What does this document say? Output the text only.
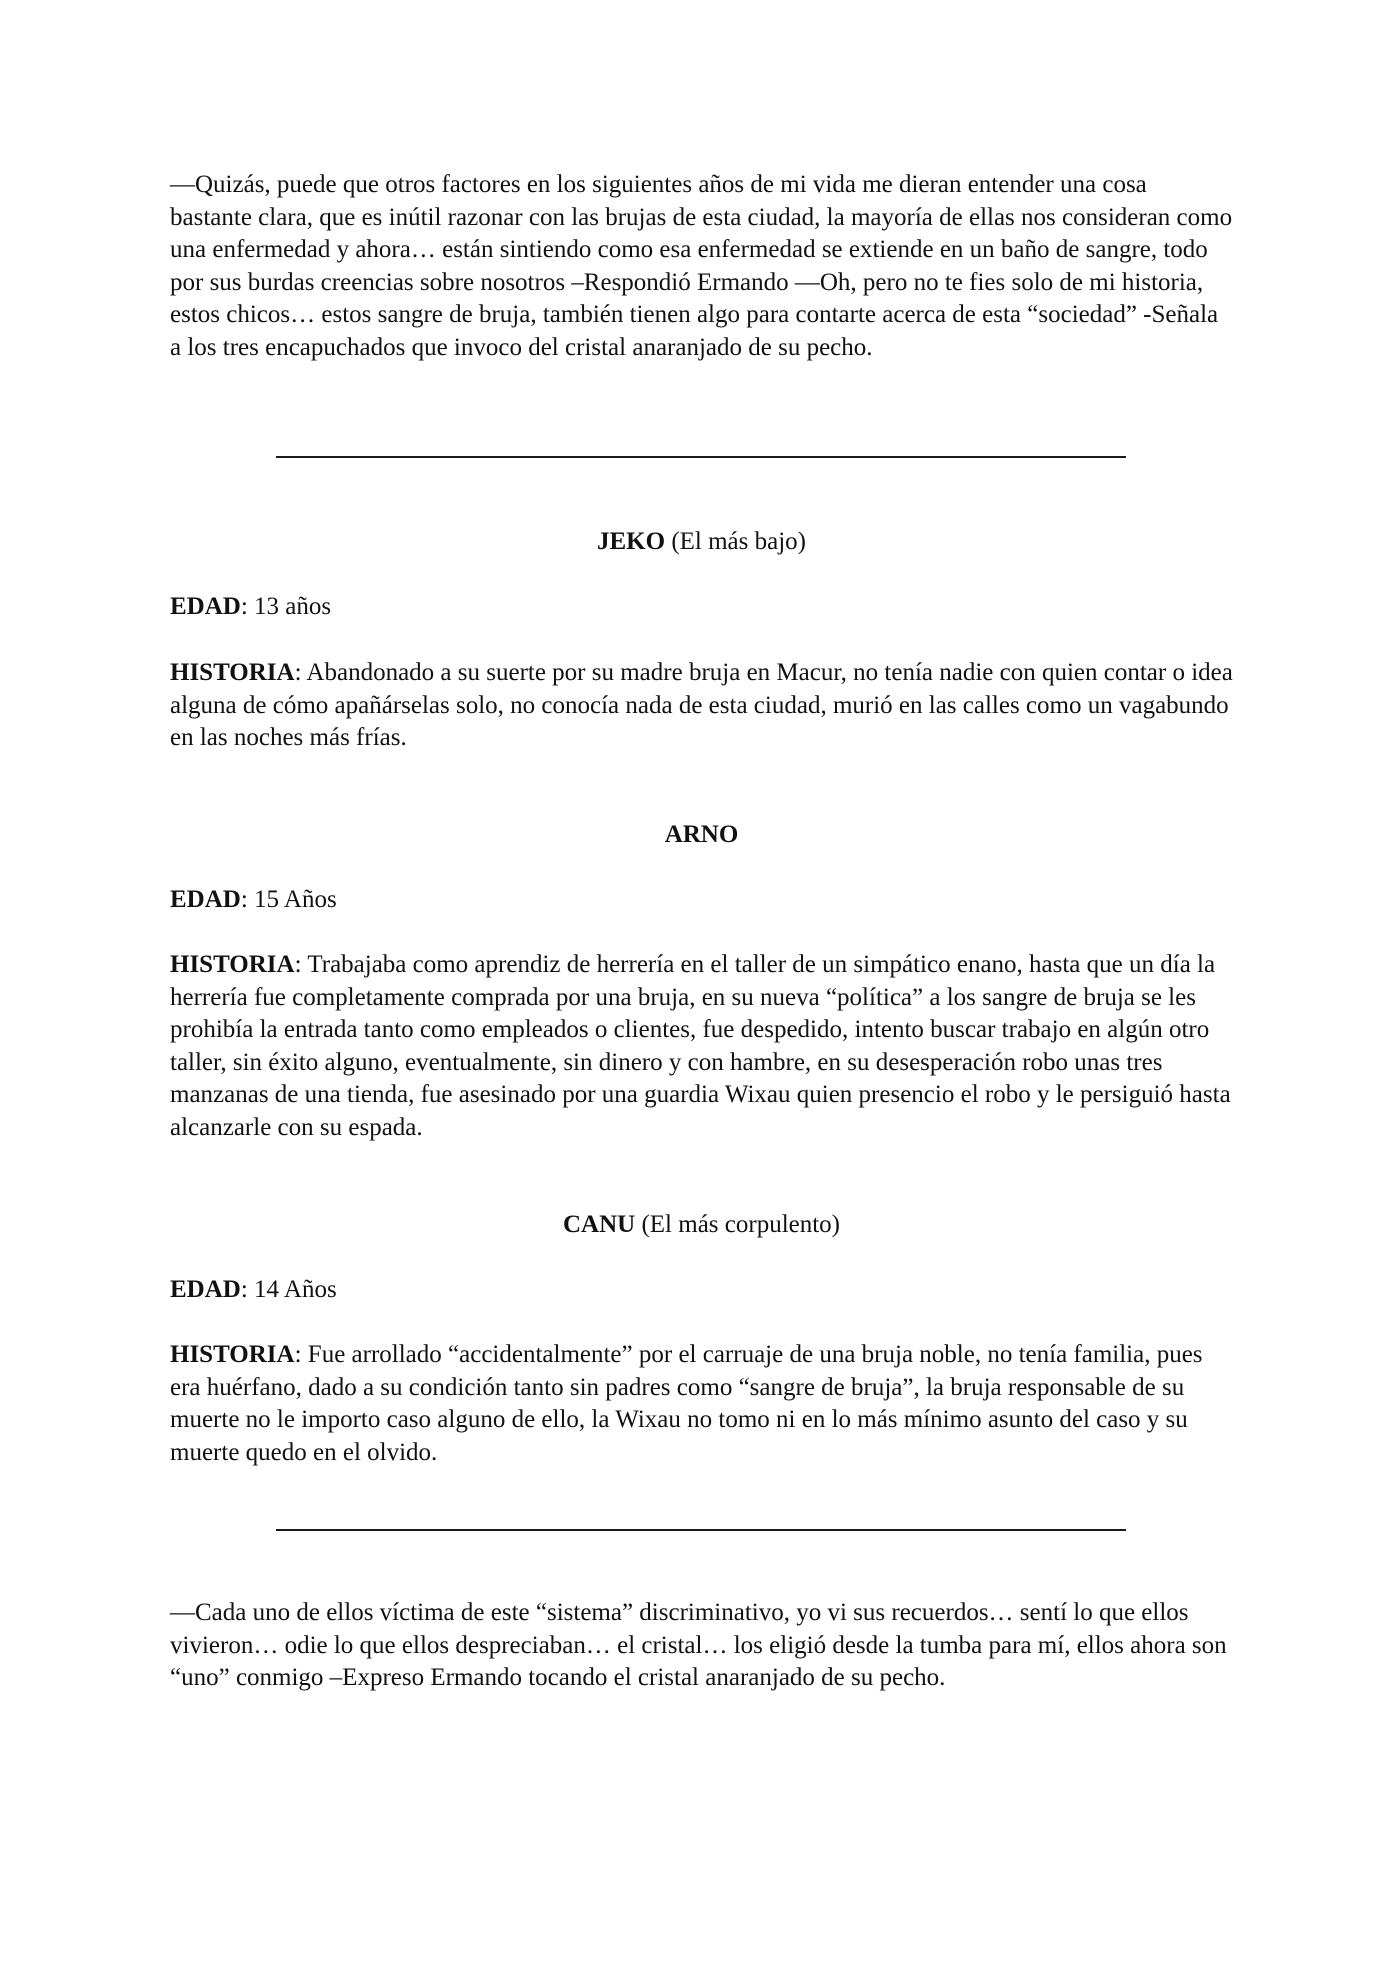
—Quizás, puede que otros factores en los siguientes años de mi vida me dieran entender una cosa bastante clara, que es inútil razonar con las brujas de esta ciudad, la mayoría de ellas nos consideran como una enfermedad y ahora… están sintiendo como esa enfermedad se extiende en un baño de sangre, todo por sus burdas creencias sobre nosotros –Respondió Ermando —Oh, pero no te fies solo de mi historia, estos chicos… estos sangre de bruja, también tienen algo para contarte acerca de esta “sociedad” -Señala a los tres encapuchados que invoco del cristal anaranjado de su pecho.

JEKO (El más bajo)

EDAD: 13 años

HISTORIA: Abandonado a su suerte por su madre bruja en Macur, no tenía nadie con quien contar o idea alguna de cómo apañárselas solo, no conocía nada de esta ciudad, murió en las calles como un vagabundo en las noches más frías.

ARNO

EDAD: 15 Años

HISTORIA: Trabajaba como aprendiz de herrería en el taller de un simpático enano, hasta que un día la herrería fue completamente comprada por una bruja, en su nueva “política” a los sangre de bruja se les prohibía la entrada tanto como empleados o clientes, fue despedido, intento buscar trabajo en algún otro taller, sin éxito alguno, eventualmente, sin dinero y con hambre, en su desesperación robo unas tres manzanas de una tienda, fue asesinado por una guardia Wixau quien presencio el robo y le persiguió hasta alcanzarle con su espada.

CANU (El más corpulento)

EDAD: 14 Años

HISTORIA: Fue arrollado “accidentalmente” por el carruaje de una bruja noble, no tenía familia, pues era huérfano, dado a su condición tanto sin padres como “sangre de bruja”, la bruja responsable de su muerte no le importo caso alguno de ello, la Wixau no tomo ni en lo más mínimo asunto del caso y su muerte quedo en el olvido.

—Cada uno de ellos víctima de este “sistema” discriminativo, yo vi sus recuerdos… sentí lo que ellos vivieron… odie lo que ellos despreciaban… el cristal… los eligió desde la tumba para mí, ellos ahora son “uno” conmigo –Expreso Ermando tocando el cristal anaranjado de su pecho.
